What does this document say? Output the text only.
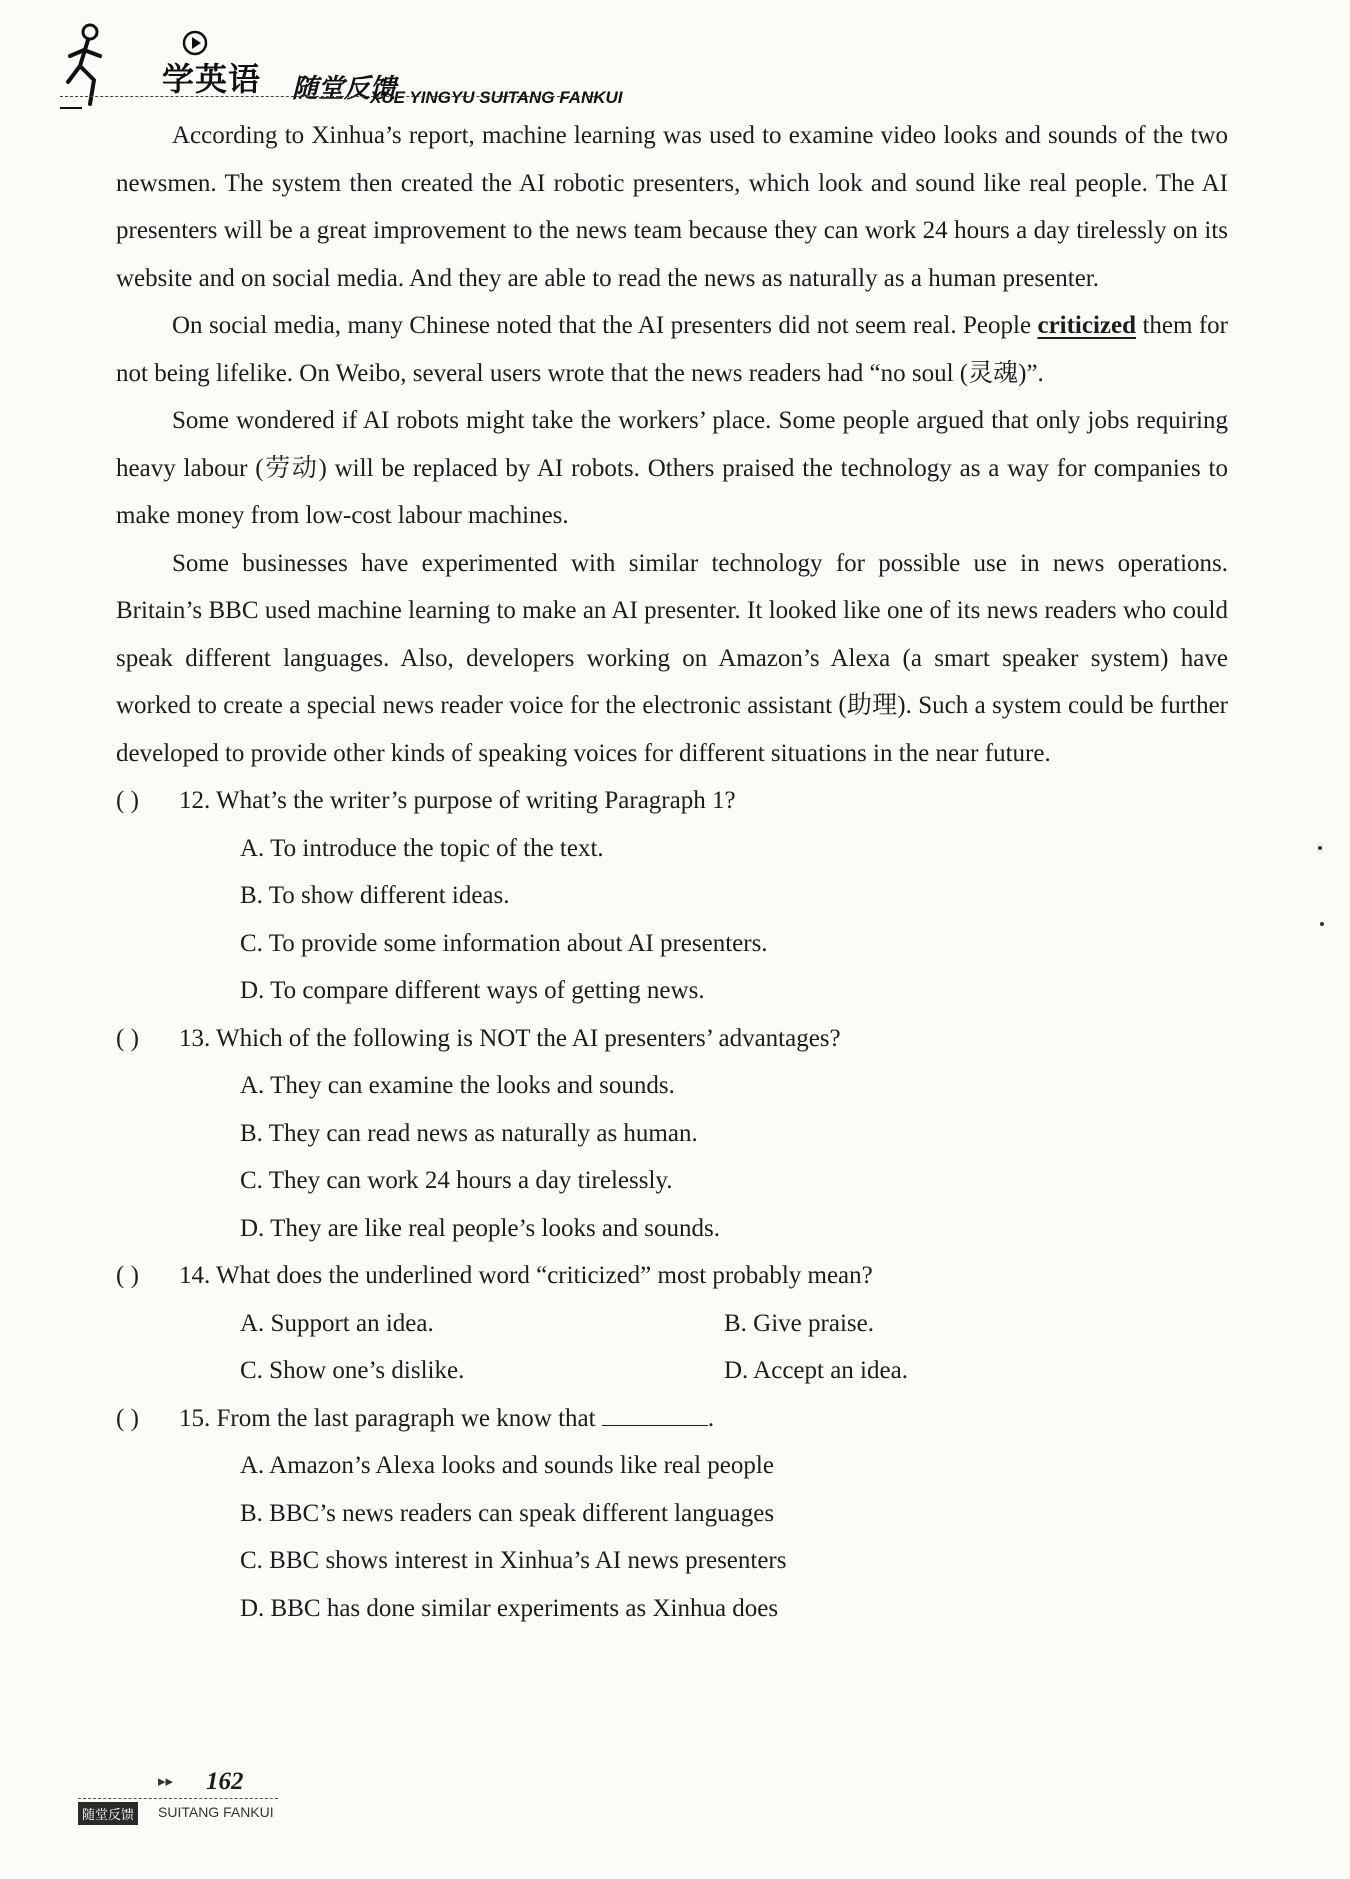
学英语 随堂反馈
XUE YINGYU SUITANG FANKUI

According to Xinhua’s report, machine learning was used to examine video looks and sounds of the two newsmen. The system then created the AI robotic presenters, which look and sound like real people. The AI presenters will be a great improvement to the news team because they can work 24 hours a day tirelessly on its website and on social media. And they are able to read the news as naturally as a human presenter.

On social media, many Chinese noted that the AI presenters did not seem real. People criticized them for not being lifelike. On Weibo, several users wrote that the news readers had “no soul (灵魂)”.

Some wondered if AI robots might take the workers’ place. Some people argued that only jobs requiring heavy labour (劳动) will be replaced by AI robots. Others praised the technology as a way for companies to make money from low-cost labour machines.

Some businesses have experimented with similar technology for possible use in news operations. Britain’s BBC used machine learning to make an AI presenter. It looked like one of its news readers who could speak different languages. Also, developers working on Amazon’s Alexa (a smart speaker system) have worked to create a special news reader voice for the electronic assistant (助理). Such a system could be further developed to provide other kinds of speaking voices for different situations in the near future.

( )	12. What’s the writer’s purpose of writing Paragraph 1?

A. To introduce the topic of the text.

B. To show different ideas.

C. To provide some information about AI presenters.

D. To compare different ways of getting news.

( )	13. Which of the following is NOT the AI presenters’ advantages?

A. They can examine the looks and sounds.

B. They can read news as naturally as human.

C. They can work 24 hours a day tirelessly.

D. They are like real people’s looks and sounds.

( )	14. What does the underlined word “criticized” most probably mean?
A. Support an idea.	B. Give praise.
C. Show one’s dislike.	D. Accept an idea.
( )	15. From the last paragraph we know that	.

A. Amazon’s Alexa looks and sounds like real people

B. BBC’s news readers can speak different languages

C. BBC shows interest in Xinhua’s AI news presenters

D. BBC has done similar experiments as Xinhua does

▸▸ 162
随堂反馈 SUITANG FANKUI
